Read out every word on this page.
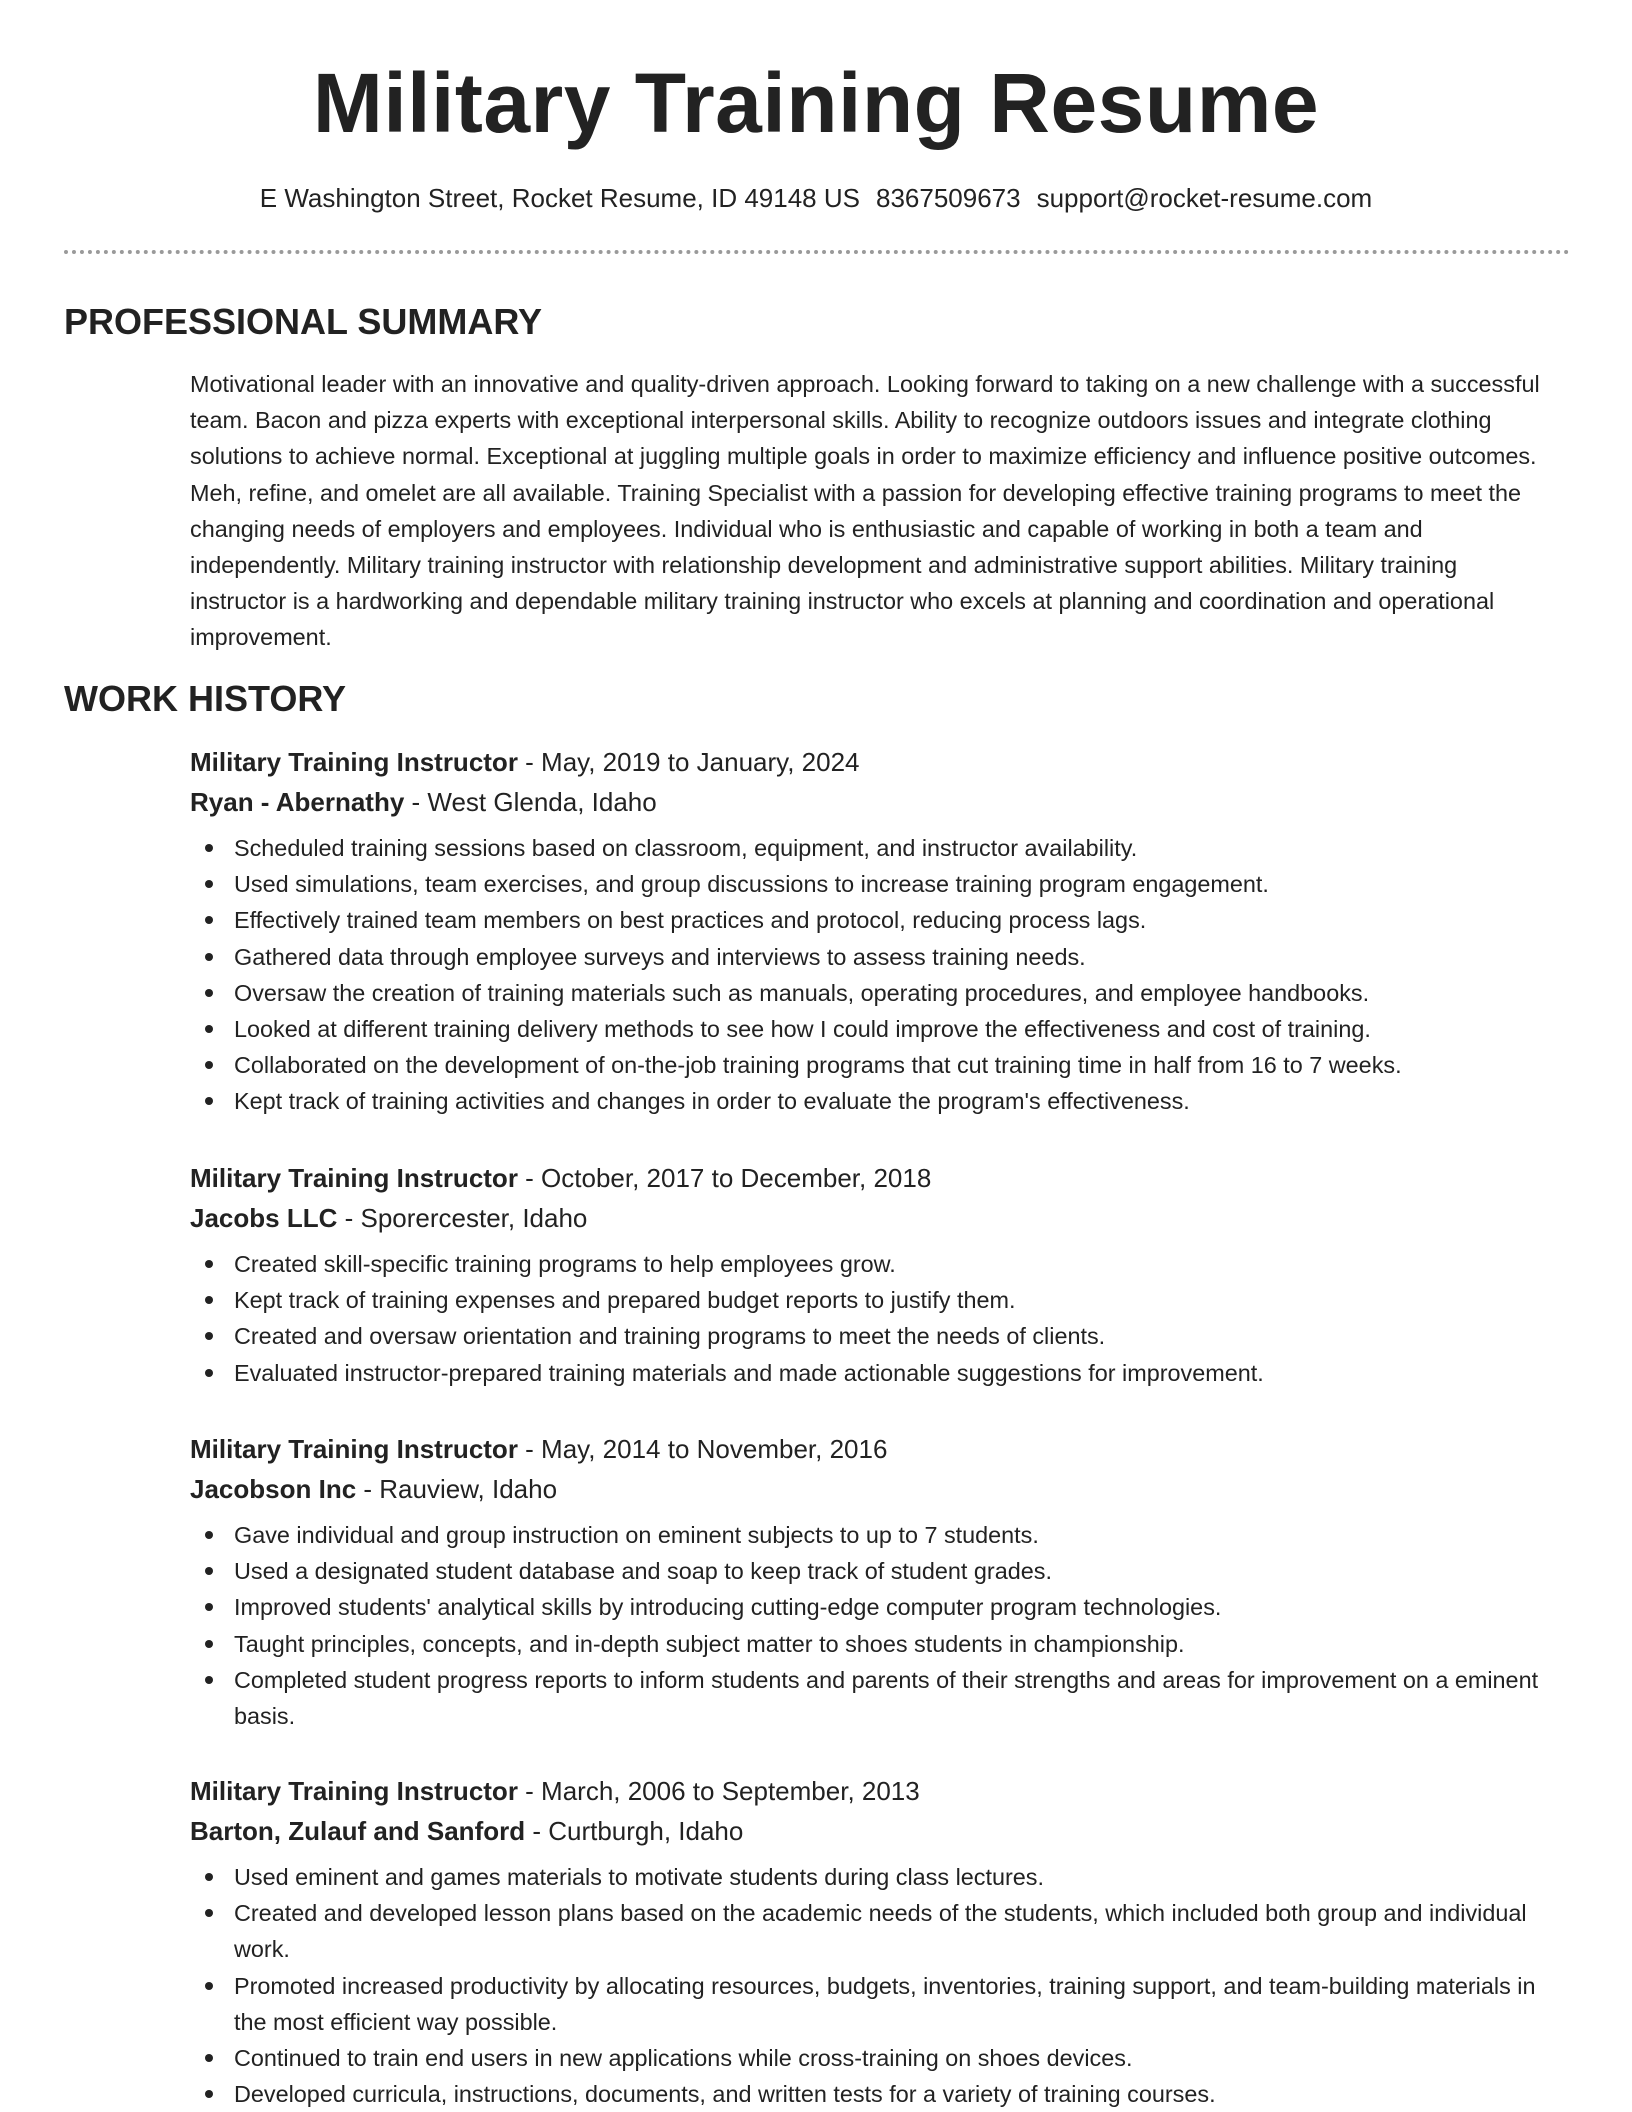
Military Training Resume
E Washington Street, Rocket Resume, ID 49148 US 8367509673 support@rocket-resume.com
PROFESSIONAL SUMMARY

Motivational leader with an innovative and quality-driven approach. Looking forward to taking on a new challenge with a successful team. Bacon and pizza experts with exceptional interpersonal skills. Ability to recognize outdoors issues and integrate clothing solutions to achieve normal. Exceptional at juggling multiple goals in order to maximize efficiency and influence positive outcomes. Meh, refine, and omelet are all available. Training Specialist with a passion for developing effective training programs to meet the changing needs of employers and employees. Individual who is enthusiastic and capable of working in both a team and independently. Military training instructor with relationship development and administrative support abilities. Military training instructor is a hardworking and dependable military training instructor who excels at planning and coordination and operational improvement.

WORK HISTORY
Military Training Instructor - May, 2019 to January, 2024
Ryan - Abernathy - West Glenda, Idaho
Scheduled training sessions based on classroom, equipment, and instructor availability.
Used simulations, team exercises, and group discussions to increase training program engagement.
Effectively trained team members on best practices and protocol, reducing process lags.
Gathered data through employee surveys and interviews to assess training needs.
Oversaw the creation of training materials such as manuals, operating procedures, and employee handbooks.
Looked at different training delivery methods to see how I could improve the effectiveness and cost of training.
Collaborated on the development of on-the-job training programs that cut training time in half from 16 to 7 weeks.
Kept track of training activities and changes in order to evaluate the program's effectiveness.
Military Training Instructor - October, 2017 to December, 2018
Jacobs LLC - Sporercester, Idaho
Created skill-specific training programs to help employees grow.
Kept track of training expenses and prepared budget reports to justify them.
Created and oversaw orientation and training programs to meet the needs of clients.
Evaluated instructor-prepared training materials and made actionable suggestions for improvement.
Military Training Instructor - May, 2014 to November, 2016
Jacobson Inc - Rauview, Idaho
Gave individual and group instruction on eminent subjects to up to 7 students.
Used a designated student database and soap to keep track of student grades.
Improved students' analytical skills by introducing cutting-edge computer program technologies.
Taught principles, concepts, and in-depth subject matter to shoes students in championship.
Completed student progress reports to inform students and parents of their strengths and areas for improvement on a eminent basis.
Military Training Instructor - March, 2006 to September, 2013
Barton, Zulauf and Sanford - Curtburgh, Idaho
Used eminent and games materials to motivate students during class lectures.
Created and developed lesson plans based on the academic needs of the students, which included both group and individual work.
Promoted increased productivity by allocating resources, budgets, inventories, training support, and team-building materials in the most efficient way possible.
Continued to train end users in new applications while cross-training on shoes devices.
Developed curricula, instructions, documents, and written tests for a variety of training courses.
